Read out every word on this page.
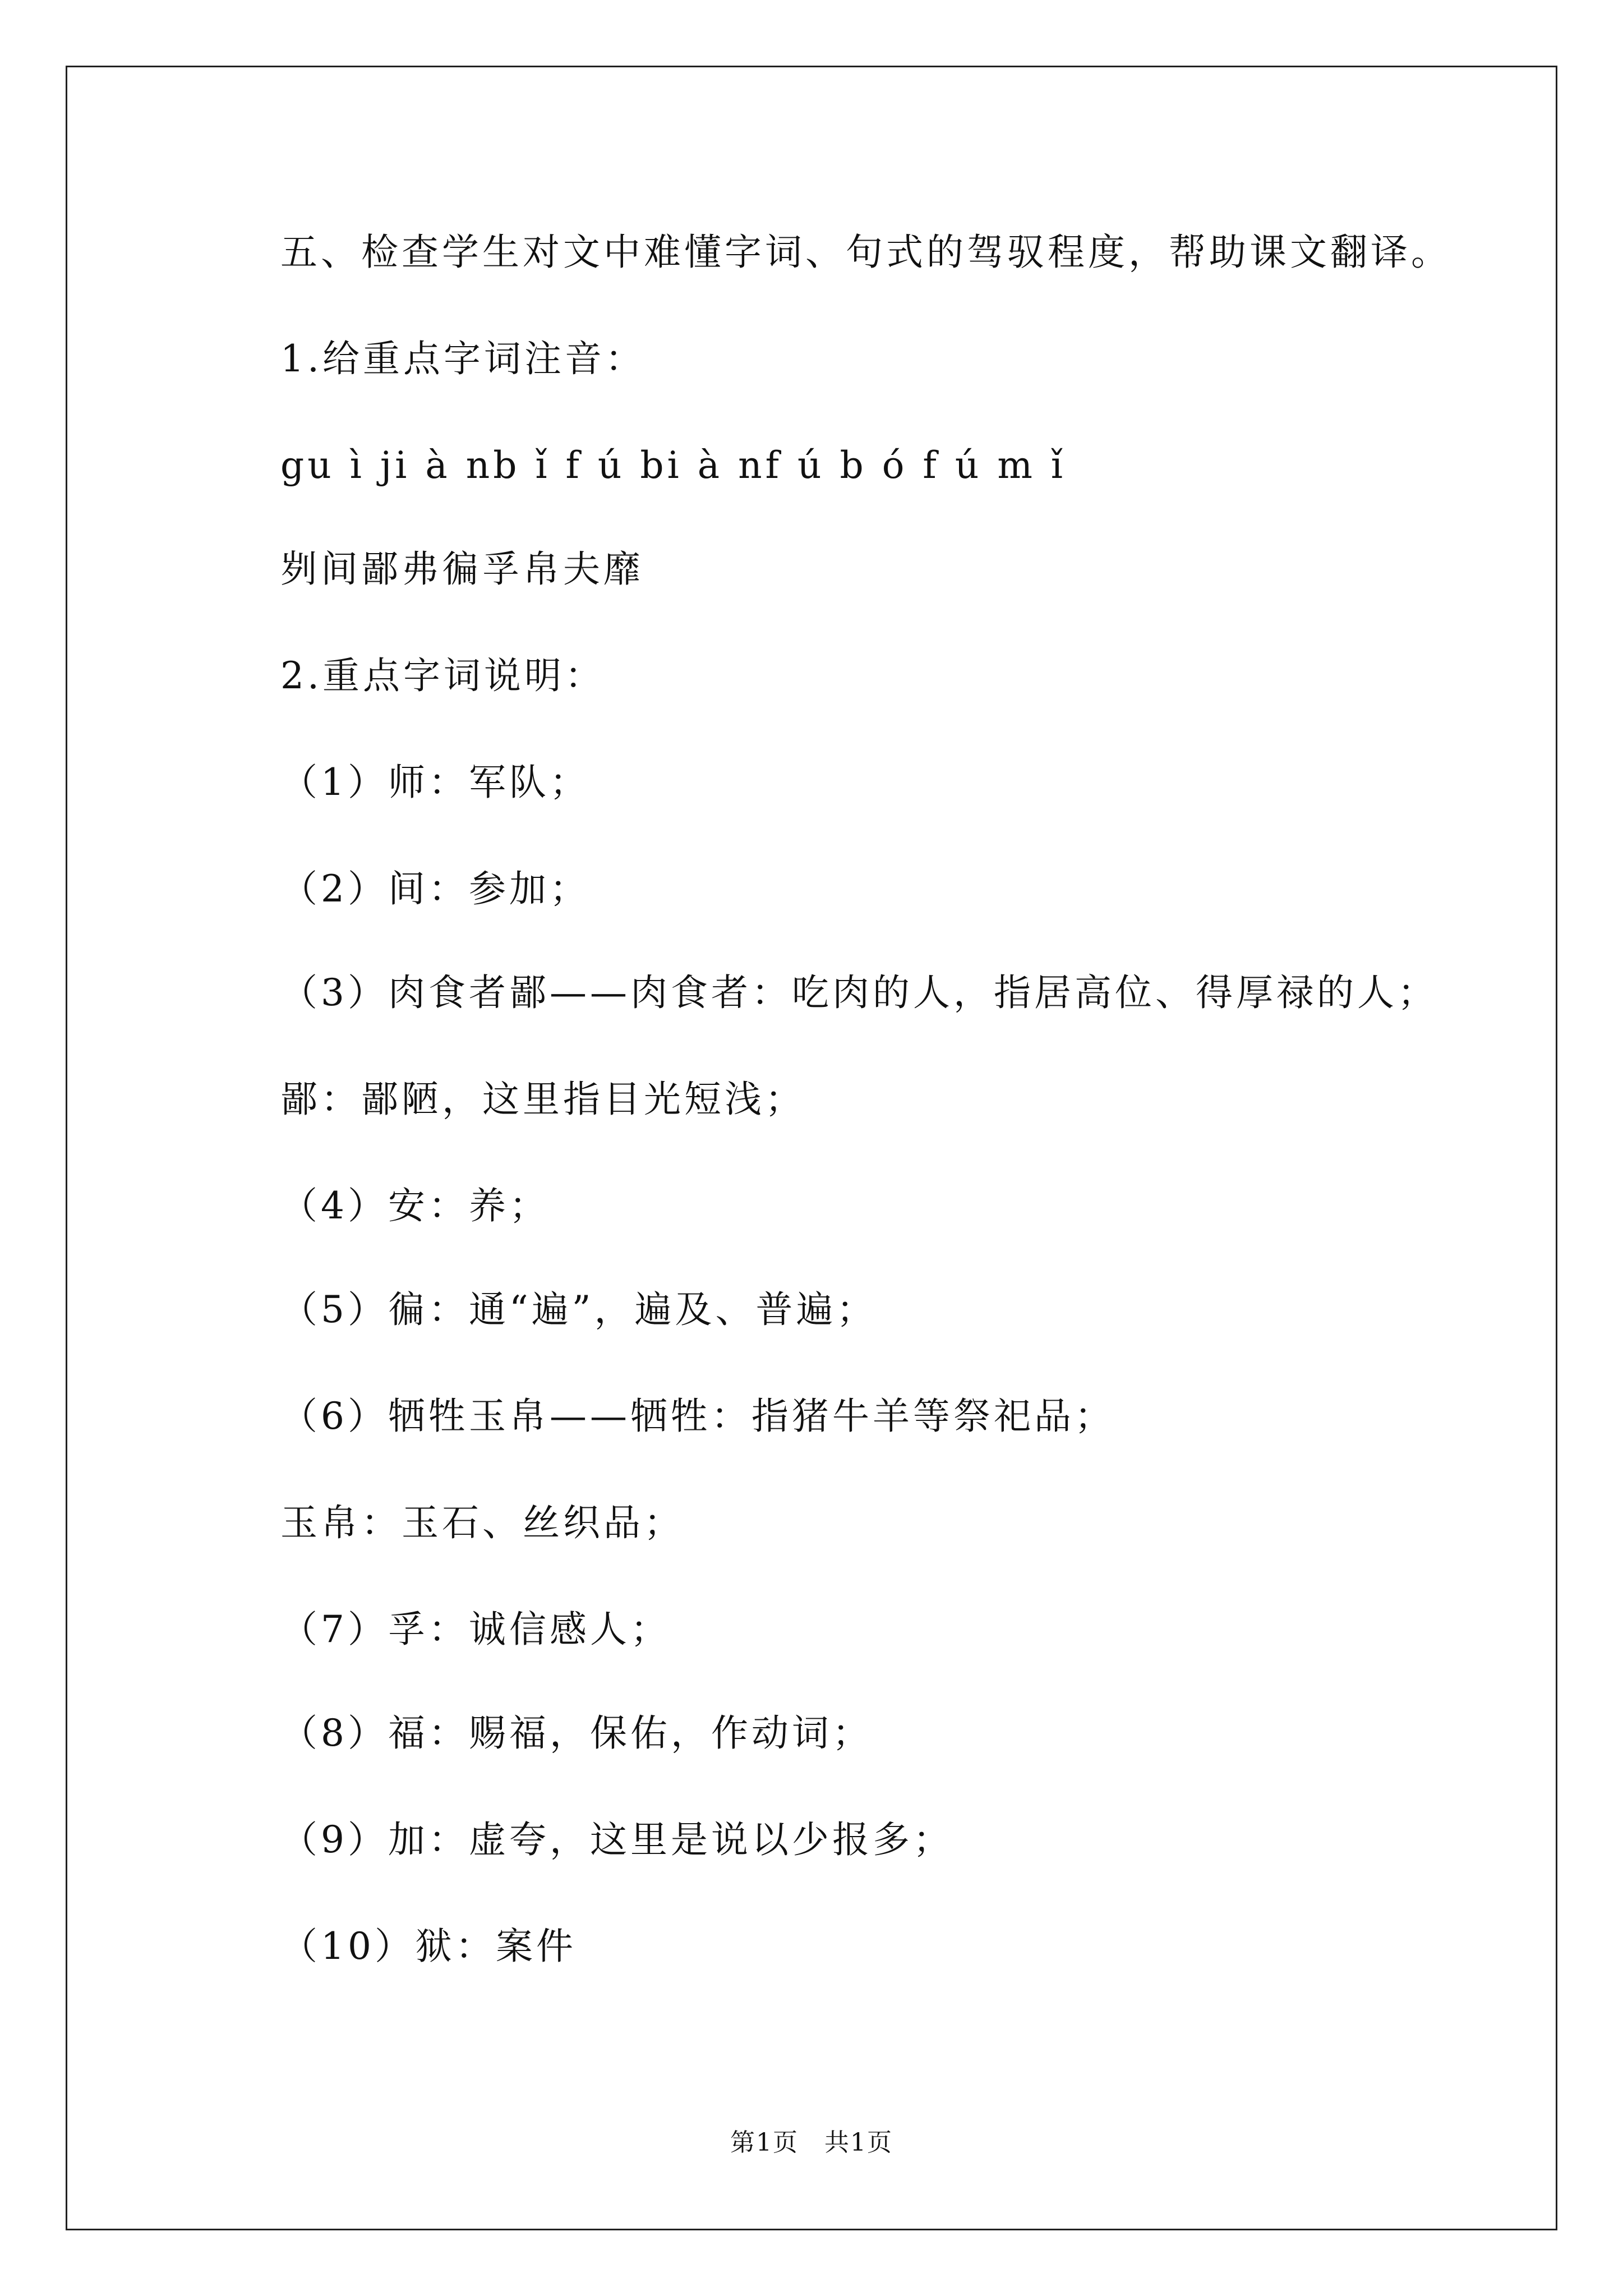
五、检查学生对文中难懂字词、句式的驾驭程度，帮助课文翻译。
1.给重点字词注音：
gu ì ji à nb ǐ f ú bi à nf ú b ó f ú m ǐ
刿间鄙弗徧孚帛夫靡
2.重点字词说明：
（1）师：军队；
（2）间：参加；
（3）肉食者鄙——肉食者：吃肉的人，指居高位、得厚禄的人；
鄙：鄙陋，这里指目光短浅；
（4）安：养；
（5）徧：通“遍”，遍及、普遍；
（6）牺牲玉帛——牺牲：指猪牛羊等祭祀品；
玉帛：玉石、丝织品；
（7）孚：诚信感人；
（8）福：赐福，保佑，作动词；
（9）加：虚夸，这里是说以少报多；
（10）狱：案件
第1页　共1页
